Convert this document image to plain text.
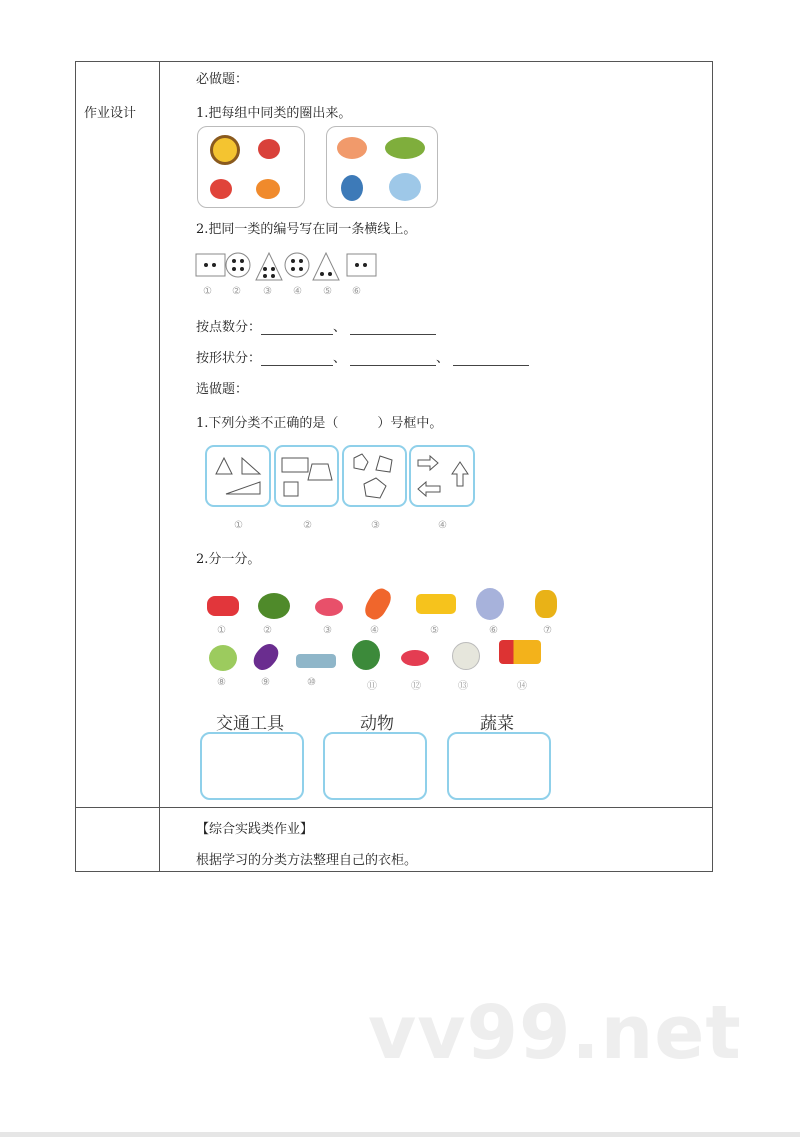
作业设计
必做题：
1.把每组中同类的圈出来。
2.把同一类的编号写在同一条横线上。
① ② ③ ④ ⑤ ⑥
按点数分：	、
按形状分：	、	、
选做题：
1.下列分类不正确的是（　　　）号框中。
①	②	③	④
2.分一分。
①	②	③	④	⑤	⑥	⑦
⑧	⑨	⑩	⑪	⑫	⑬	⑭
交通工具	动物	蔬菜
【综合实践类作业】
根据学习的分类方法整理自己的衣柜。
vv99.net
